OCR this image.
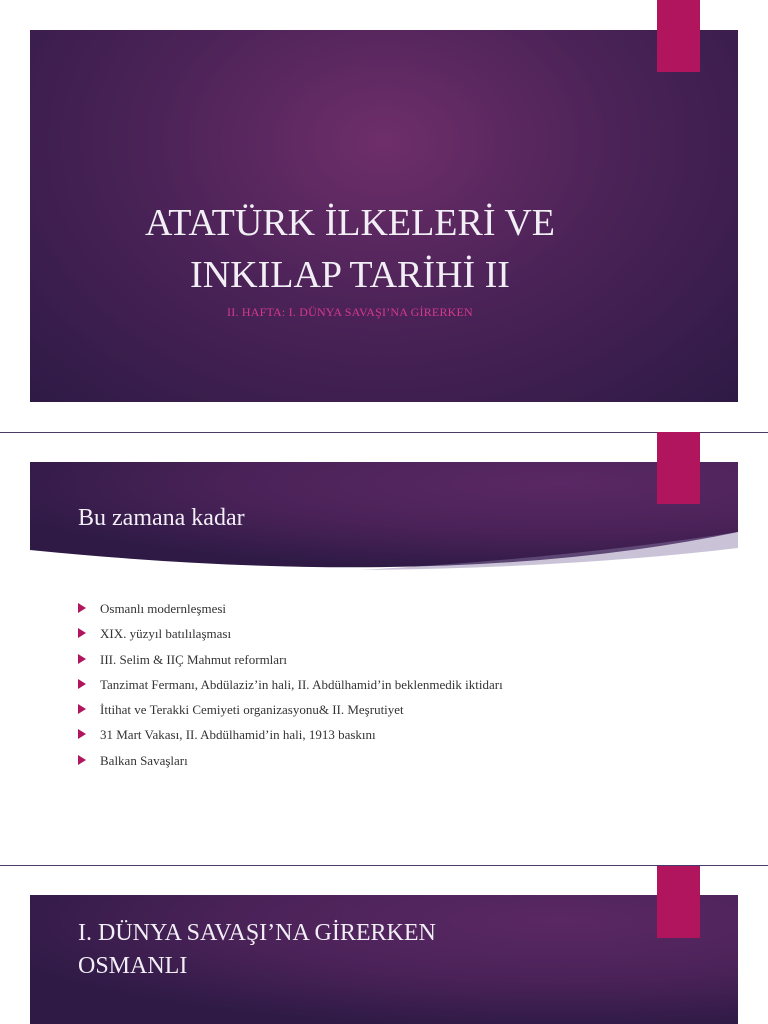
ATATÜRK İLKELERİ VE
INKILAP TARİHİ II
II. HAFTA: I. DÜNYA SAVAŞI’NA GİRERKEN
Bu zamana kadar
Osmanlı modernleşmesi
XIX. yüzyıl batılılaşması
III. Selim & IIÇ Mahmut reformları
Tanzimat Fermanı, Abdülaziz’in hali, II. Abdülhamid’in beklenmedik iktidarı
İttihat ve Terakki Cemiyeti organizasyonu& II. Meşrutiyet
31 Mart Vakası, II. Abdülhamid’in hali, 1913 baskını
Balkan Savaşları
I. DÜNYA SAVAŞI’NA GİRERKEN
OSMANLI
